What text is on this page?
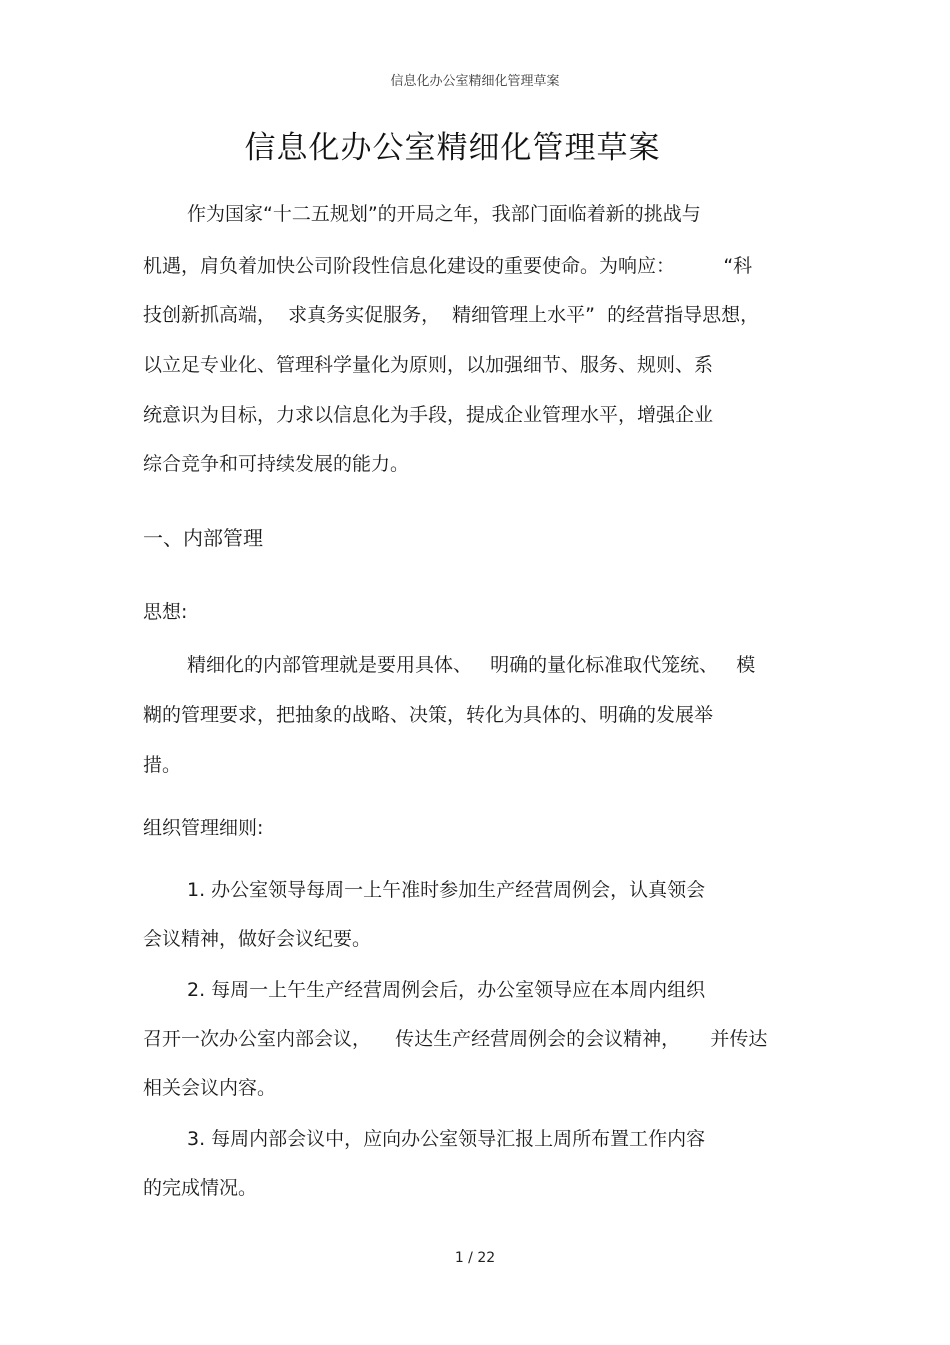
信息化办公室精细化管理草案
信息化办公室精细化管理草案
作为国家“十二五规划”的开局之年，我部门面临着新的挑战与
机遇，肩负着加快公司阶段性信息化建设的重要使命。为响应：        “科
技创新抓高端，  求真务实促服务，  精细管理上水平”  的经营指导思想，
以立足专业化、管理科学量化为原则，以加强细节、服务、规则、系
统意识为目标，力求以信息化为手段，提成企业管理水平，增强企业
综合竞争和可持续发展的能力。
一、内部管理
思想:
精细化的内部管理就是要用具体、   明确的量化标准取代笼统、   模
糊的管理要求，把抽象的战略、决策，转化为具体的、明确的发展举
措。
组织管理细则:
1. 办公室领导每周一上午准时参加生产经营周例会，认真领会
会议精神，做好会议纪要。
2. 每周一上午生产经营周例会后，办公室领导应在本周内组织
召开一次办公室内部会议，    传达生产经营周例会的会议精神，     并传达
相关会议内容。
3. 每周内部会议中，应向办公室领导汇报上周所布置工作内容
的完成情况。
1 / 22
